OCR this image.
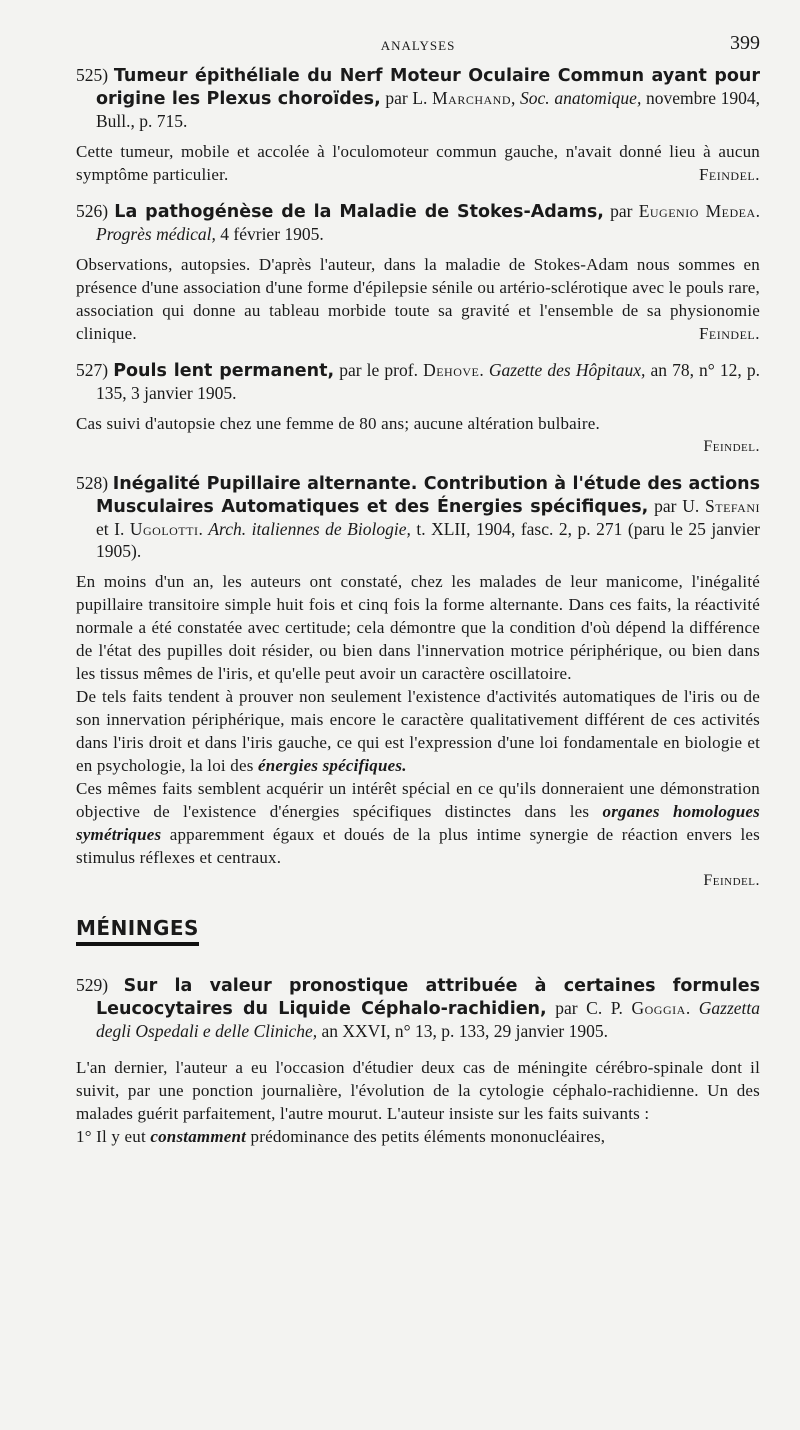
ANALYSES	399

525) Tumeur épithéliale du Nerf Moteur Oculaire Commun ayant pour origine les Plexus choroïdes, par L. Marchand, Soc. anatomique, novembre 1904, Bull., p. 715.

Cette tumeur, mobile et accolée à l'oculomoteur commun gauche, n'avait donné lieu à aucun symptôme particulier.	Feindel.

526) La pathogénèse de la Maladie de Stokes-Adams, par Eugenio Medea. Progrès médical, 4 février 1905.

Observations, autopsies. D'après l'auteur, dans la maladie de Stokes-Adam nous sommes en présence d'une association d'une forme d'épilepsie sénile ou artério-sclérotique avec le pouls rare, association qui donne au tableau morbide toute sa gravité et l'ensemble de sa physionomie clinique.	Feindel.

527) Pouls lent permanent, par le prof. Dehove. Gazette des Hôpitaux, an 78, n° 12, p. 135, 3 janvier 1905.

Cas suivi d'autopsie chez une femme de 80 ans; aucune altération bulbaire.

Feindel.

528) Inégalité Pupillaire alternante. Contribution à l'étude des actions Musculaires Automatiques et des Énergies spécifiques, par U. Stefani et I. Ugolotti. Arch. italiennes de Biologie, t. XLII, 1904, fasc. 2, p. 271 (paru le 25 janvier 1905).

En moins d'un an, les auteurs ont constaté, chez les malades de leur manicome, l'inégalité pupillaire transitoire simple huit fois et cinq fois la forme alternante. Dans ces faits, la réactivité normale a été constatée avec certitude; cela démontre que la condition d'où dépend la différence de l'état des pupilles doit résider, ou bien dans l'innervation motrice périphérique, ou bien dans les tissus mêmes de l'iris, et qu'elle peut avoir un caractère oscillatoire.

De tels faits tendent à prouver non seulement l'existence d'activités automatiques de l'iris ou de son innervation périphérique, mais encore le caractère qualitativement différent de ces activités dans l'iris droit et dans l'iris gauche, ce qui est l'expression d'une loi fondamentale en biologie et en psychologie, la loi des énergies spécifiques.

Ces mêmes faits semblent acquérir un intérêt spécial en ce qu'ils donneraient une démonstration objective de l'existence d'énergies spécifiques distinctes dans les organes homologues symétriques apparemment égaux et doués de la plus intime synergie de réaction envers les stimulus réflexes et centraux.

Feindel.

MÉNINGES

529) Sur la valeur pronostique attribuée à certaines formules Leucocytaires du Liquide Céphalo-rachidien, par C. P. Goggia. Gazzetta degli Ospedali e delle Cliniche, an XXVI, n° 13, p. 133, 29 janvier 1905.

L'an dernier, l'auteur a eu l'occasion d'étudier deux cas de méningite cérébro-spinale dont il suivit, par une ponction journalière, l'évolution de la cytologie céphalo-rachidienne. Un des malades guérit parfaitement, l'autre mourut. L'auteur insiste sur les faits suivants :

1° Il y eut constamment prédominance des petits éléments mononucléaires,
